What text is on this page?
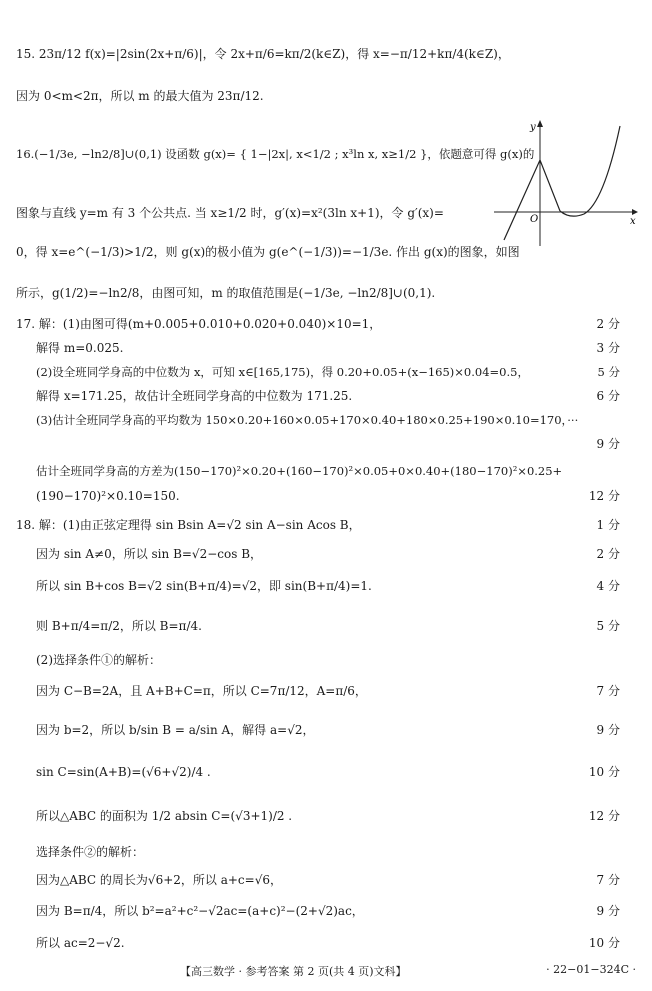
15. 23π/12 f(x)=|2sin(2x+π/6)|，令 2x+π/6=kπ/2(k∈Z)，得 x=−π/12+kπ/4(k∈Z)，
因为 0<m<2π，所以 m 的最大值为 23π/12.
16.(−1/3e, −ln2/8]∪(0,1) 设函数 g(x)= { 1−|2x|, x<1/2 ; x³ln x, x≥1/2 }，依题意可得 g(x)的
图象与直线 y=m 有 3 个公共点. 当 x≥1/2 时，g′(x)=x²(3ln x+1)，令 g′(x)=
0，得 x=e^(−1/3)>1/2，则 g(x)的极小值为 g(e^(−1/3))=−1/3e. 作出 g(x)的图象，如图
所示，g(1/2)=−ln2/8，由图可知，m 的取值范围是(−1/3e, −ln2/8]∪(0,1).
17. 解：(1)由图可得(m+0.005+0.010+0.020+0.040)×10=1，	2 分
解得 m=0.025.	3 分
(2)设全班同学身高的中位数为 x，可知 x∈[165,175)，得 0.20+0.05+(x−165)×0.04=0.5，	5 分
解得 x=171.25，故估计全班同学身高的中位数为 171.25.	6 分
(3)估计全班同学身高的平均数为 150×0.20+160×0.05+170×0.40+180×0.25+190×0.10=170，···
9 分
估计全班同学身高的方差为(150−170)²×0.20+(160−170)²×0.05+0×0.40+(180−170)²×0.25+
(190−170)²×0.10=150.	12 分
18. 解：(1)由正弦定理得 sin Bsin A=√2 sin A−sin Acos B，	1 分
因为 sin A≠0，所以 sin B=√2−cos B，	2 分
所以 sin B+cos B=√2 sin(B+π/4)=√2，即 sin(B+π/4)=1.	4 分
则 B+π/4=π/2，所以 B=π/4.	5 分
(2)选择条件①的解析：
因为 C−B=2A，且 A+B+C=π，所以 C=7π/12，A=π/6，	7 分
因为 b=2，所以 b/sin B = a/sin A，解得 a=√2，	9 分
sin C=sin(A+B)=(√6+√2)/4 .	10 分
所以△ABC 的面积为 1/2 absin C=(√3+1)/2 .	12 分
选择条件②的解析：
因为△ABC 的周长为√6+2，所以 a+c=√6，	7 分
因为 B=π/4，所以 b²=a²+c²−√2ac=(a+c)²−(2+√2)ac，	9 分
所以 ac=2−√2.	10 分
y
x
O
【高三数学 · 参考答案 第 2 页(共 4 页)文科】	· 22−01−324C ·
